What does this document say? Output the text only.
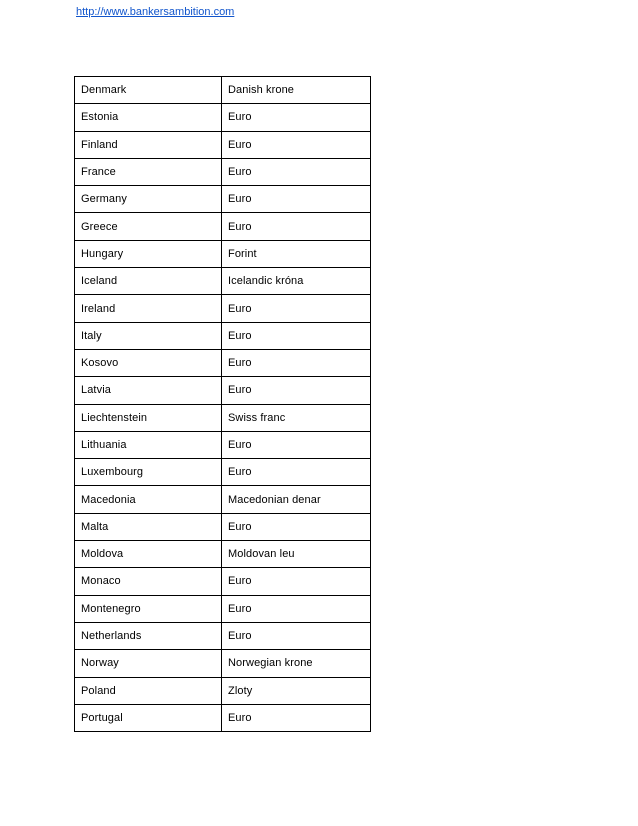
http://www.bankersambition.com
Denmark	Danish krone
Estonia	Euro
Finland	Euro
France	Euro
Germany	Euro
Greece	Euro
Hungary	Forint
Iceland	Icelandic króna
Ireland	Euro
Italy	Euro
Kosovo	Euro
Latvia	Euro
Liechtenstein	Swiss franc
Lithuania	Euro
Luxembourg	Euro
Macedonia	Macedonian denar
Malta	Euro
Moldova	Moldovan leu
Monaco	Euro
Montenegro	Euro
Netherlands	Euro
Norway	Norwegian krone
Poland	Zloty
Portugal	Euro
